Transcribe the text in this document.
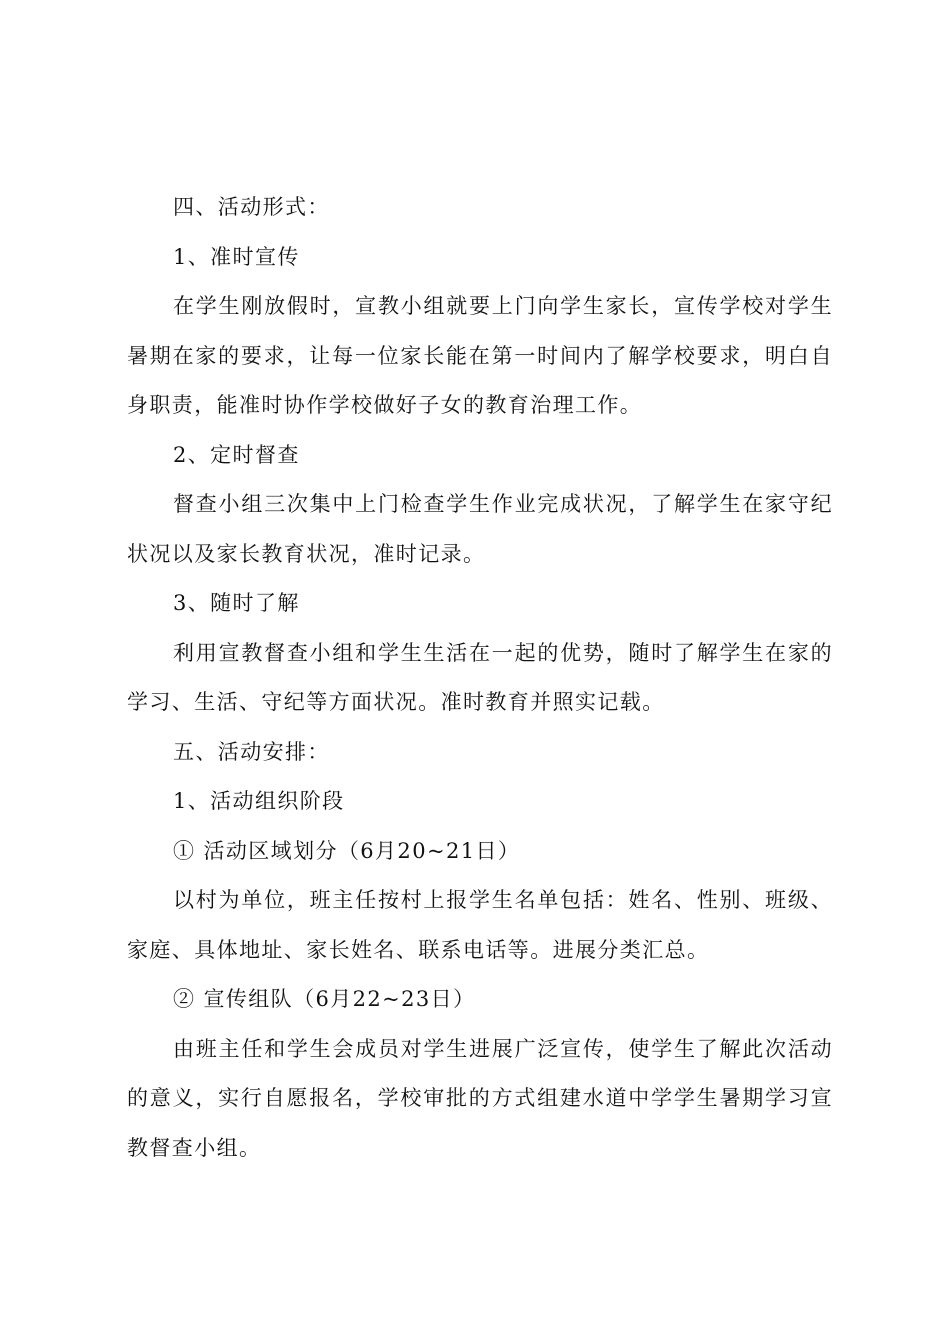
四、活动形式：

1、准时宣传

在学生刚放假时，宣教小组就要上门向学生家长，宣传学校对学生暑期在家的要求，让每一位家长能在第一时间内了解学校要求，明白自身职责，能准时协作学校做好子女的教育治理工作。

2、定时督查

督查小组三次集中上门检查学生作业完成状况，了解学生在家守纪状况以及家长教育状况，准时记录。

3、随时了解

利用宣教督查小组和学生生活在一起的优势，随时了解学生在家的学习、生活、守纪等方面状况。准时教育并照实记载。

五、活动安排：

1、活动组织阶段

① 活动区域划分（6月20~21日）

以村为单位，班主任按村上报学生名单包括：姓名、性别、班级、家庭、具体地址、家长姓名、联系电话等。进展分类汇总。

② 宣传组队（6月22~23日）

由班主任和学生会成员对学生进展广泛宣传，使学生了解此次活动的意义，实行自愿报名，学校审批的方式组建水道中学学生暑期学习宣教督查小组。
